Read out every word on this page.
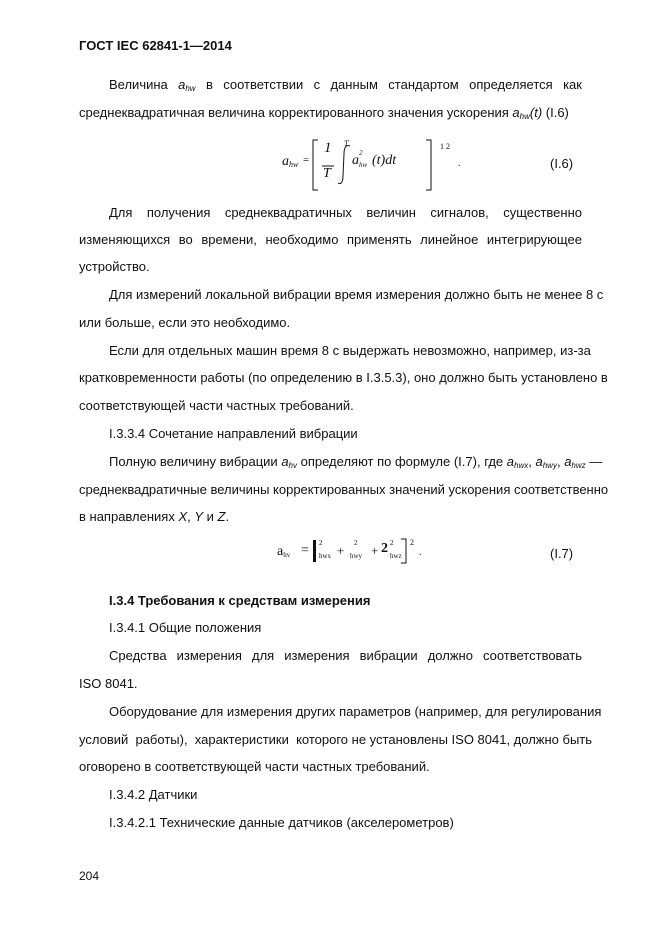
ГОСТ IEC 62841-1—2014
Величина $a_{hw}$ в соответствии с данным стандартом определяется как
среднеквадратичная величина корректированного значения ускорения $a_{hw}(t)$ (I.6)
$a_{hw}$ =
1
T
T
a 2
hw (t)dt
1 2
.	(I.6)
Для получения среднеквадратичных величин сигналов, существенно
изменяющихся во времени, необходимо применять линейное интегрирующее
устройство.
Для измерений локальной вибрации время измерения должно быть не менее 8 с
или больше, если это необходимо.
Если для отдельных машин время 8 с выдержать невозможно, например, из-за
кратковременности работы (по определению в I.3.5.3), оно должно быть установлено в
соответствующей части частных требований.
I.3.3.4 Сочетание направлений вибрации
Полную величину вибрации $a_{hv}$ определяют по формуле (I.7), где $a_{hwx}$, $a_{hwy}$, $a_{hwz}$ —
среднеквадратичные величины корректированных значений ускорения соответственно
в направлениях X, Y и Z.
$a_{hv} = 2$
hwx + 2
hwy + 2 2
hwz
2
.	(I.7)
I.3.4 Требования к средствам измерения
I.3.4.1 Общие положения
Средства измерения для измерения вибрации должно соответствовать
ISO 8041.
Оборудование для измерения других параметров (например, для регулирования
условий  работы),  характеристики  которого не установлены ISO 8041, должно быть
оговорено в соответствующей части частных требований.
I.3.4.2 Датчики
I.3.4.2.1 Технические данные датчиков (акселерометров)
204
